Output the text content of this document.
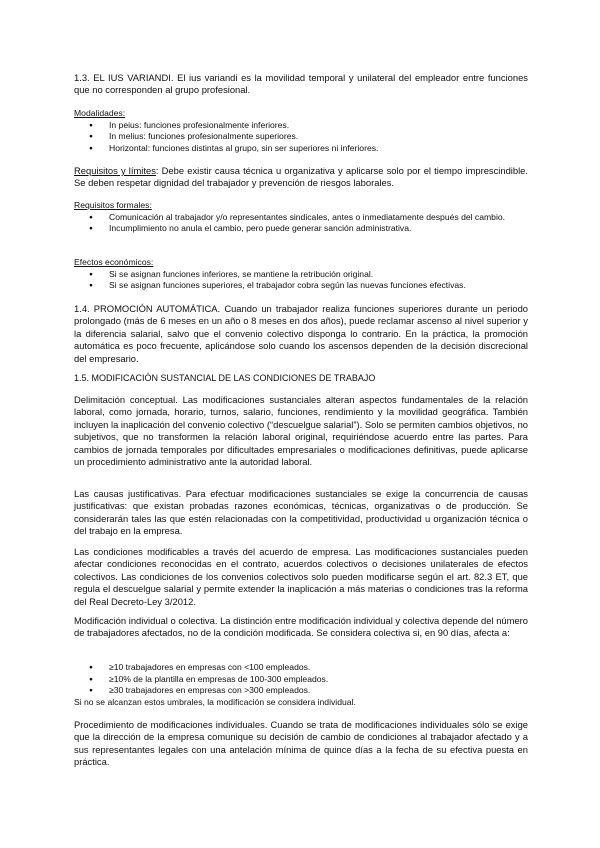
1.3. EL IUS VARIANDI. El ius variandi es la movilidad temporal y unilateral del empleador entre funciones que no corresponden al grupo profesional.

Modalidades:

● In peius: funciones profesionalmente inferiores.
● In melius: funciones profesionalmente superiores.
● Horizontal: funciones distintas al grupo, sin ser superiores ni inferiores.

Requisitos y límites: Debe existir causa técnica u organizativa y aplicarse solo por el tiempo imprescindible. Se deben respetar dignidad del trabajador y prevención de riesgos laborales.

Requisitos formales:

● Comunicación al trabajador y/o representantes sindicales, antes o inmediatamente después del cambio.
● Incumplimiento no anula el cambio, pero puede generar sanción administrativa.

Efectos económicos:

● Si se asignan funciones inferiores, se mantiene la retribución original.
● Si se asignan funciones superiores, el trabajador cobra según las nuevas funciones efectivas.

1.4. PROMOCIÓN AUTOMÁTICA. Cuando un trabajador realiza funciones superiores durante un periodo prolongado (más de 6 meses en un año o 8 meses en dos años), puede reclamar ascenso al nivel superior y la diferencia salarial, salvo que el convenio colectivo disponga lo contrario. En la práctica, la promoción automática es poco frecuente, aplicándose solo cuando los ascensos dependen de la decisión discrecional del empresario.

1.5. MODIFICACIÓN SUSTANCIAL DE LAS CONDICIONES DE TRABAJO

Delimitación conceptual. Las modificaciones sustanciales alteran aspectos fundamentales de la relación laboral, como jornada, horario, turnos, salario, funciones, rendimiento y la movilidad geográfica. También incluyen la inaplicación del convenio colectivo (“descuelgue salarial”). Solo se permiten cambios objetivos, no subjetivos, que no transformen la relación laboral original, requiriéndose acuerdo entre las partes. Para cambios de jornada temporales por dificultades empresariales o modificaciones definitivas, puede aplicarse un procedimiento administrativo ante la autoridad laboral.

Las causas justificativas. Para efectuar modificaciones sustanciales se exige la concurrencia de causas justificativas: que existan probadas razones económicas, técnicas, organizativas o de producción. Se considerarán tales las que estén relacionadas con la competitividad, productividad u organización técnica o del trabajo en la empresa.

Las condiciones modificables a través del acuerdo de empresa. Las modificaciones sustanciales pueden afectar condiciones reconocidas en el contrato, acuerdos colectivos o decisiones unilaterales de efectos colectivos. Las condiciones de los convenios colectivos solo pueden modificarse según el art. 82.3 ET, que regula el descuelgue salarial y permite extender la inaplicación a más materias o condiciones tras la reforma del Real Decreto-Ley 3/2012.

Modificación individual o colectiva. La distinción entre modificación individual y colectiva depende del número de trabajadores afectados, no de la condición modificada. Se considera colectiva si, en 90 días, afecta a:

● ≥10 trabajadores en empresas con <100 empleados.
● ≥10% de la plantilla en empresas de 100-300 empleados.
● ≥30 trabajadores en empresas con >300 empleados.

Si no se alcanzan estos umbrales, la modificación se considera individual.

Procedimiento de modificaciones individuales. Cuando se trata de modificaciones individuales sólo se exige que la dirección de la empresa comunique su decisión de cambio de condiciones al trabajador afectado y a sus representantes legales con una antelación mínima de quince días a la fecha de su efectiva puesta en práctica.
